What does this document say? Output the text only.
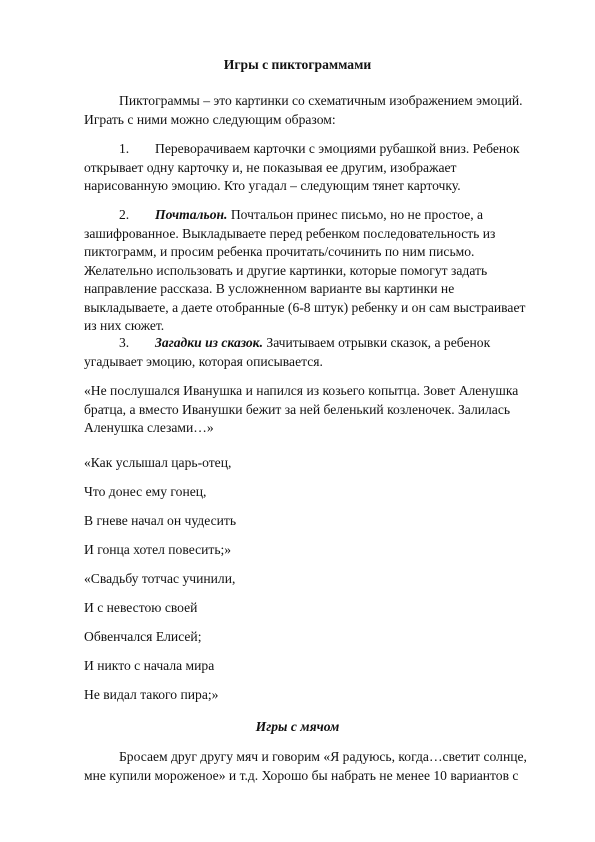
Игры с пиктограммами
Пиктограммы – это картинки со схематичным изображением эмоций. Играть с ними можно следующим образом:
1. Переворачиваем карточки с эмоциями рубашкой вниз. Ребенок открывает одну карточку и, не показывая ее другим, изображает нарисованную эмоцию. Кто угадал – следующим тянет карточку.
2. Почтальон. Почтальон принес письмо, но не простое, а зашифрованное. Выкладываете перед ребенком последовательность из пиктограмм, и просим ребенка прочитать/сочинить по ним письмо. Желательно использовать и другие картинки, которые помогут задать направление рассказа. В усложненном варианте вы картинки не выкладываете, а даете отобранные (6-8 штук) ребенку и он сам выстраивает из них сюжет.
3. Загадки из сказок. Зачитываем отрывки сказок, а ребенок угадывает эмоцию, которая описывается.
«Не послушался Иванушка и напился из козьего копытца. Зовет Аленушка братца, а вместо Иванушки бежит за ней беленький козленочек. Залилась Аленушка слезами…»
«Как услышал царь-отец,
Что донес ему гонец,
В гневе начал он чудесить
И гонца хотел повесить;»
«Свадьбу тотчас учинили,
И с невестою своей
Обвенчался Елисей;
И никто с начала мира
Не видал такого пира;»
Игры с мячом
Бросаем друг другу мяч и говорим «Я радуюсь, когда…светит солнце, мне купили мороженое» и т.д. Хорошо бы набрать не менее 10 вариантов с
